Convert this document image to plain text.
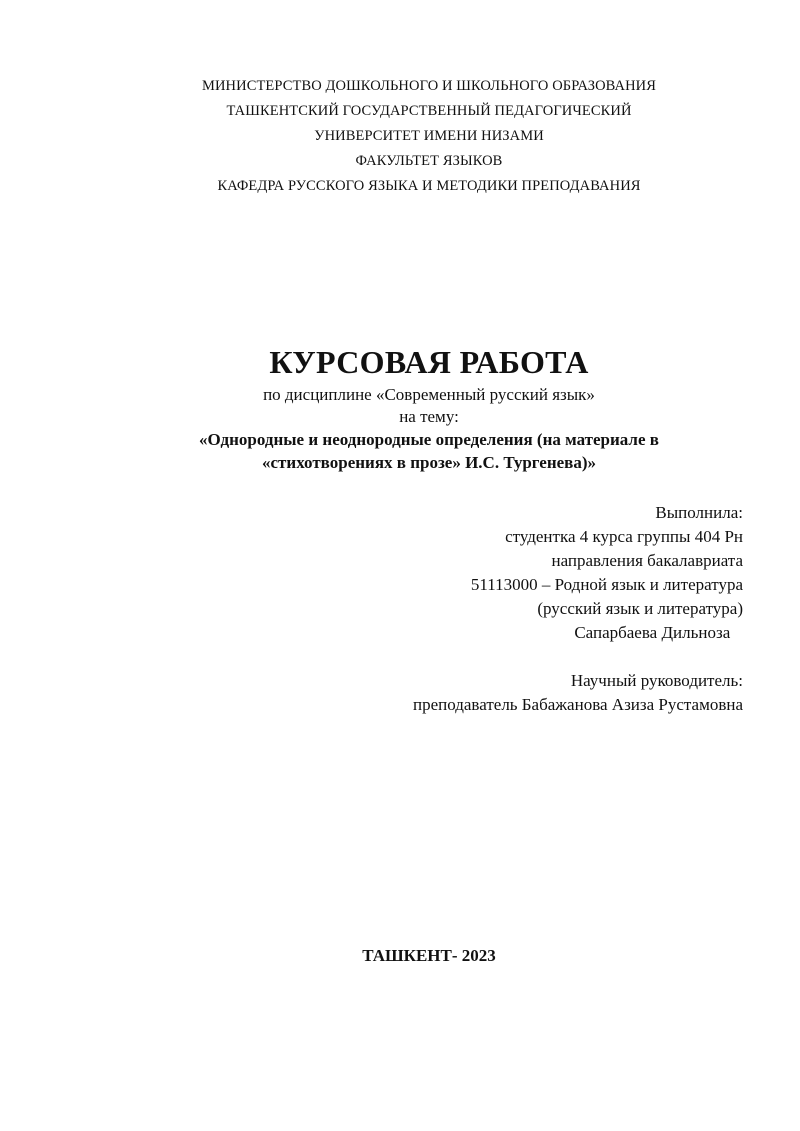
МИНИСТЕРСТВО ДОШКОЛЬНОГО И ШКОЛЬНОГО ОБРАЗОВАНИЯ
ТАШКЕНТСКИЙ ГОСУДАРСТВЕННЫЙ ПЕДАГОГИЧЕСКИЙ
УНИВЕРСИТЕТ ИМЕНИ НИЗАМИ
ФАКУЛЬТЕТ ЯЗЫКОВ
КАФЕДРА РУССКОГО ЯЗЫКА И МЕТОДИКИ ПРЕПОДАВАНИЯ
КУРСОВАЯ РАБОТА
по дисциплине «Современный русский язык»
на тему:
«Однородные и неоднородные определения (на материале в
«стихотворениях в прозе» И.С. Тургенева)»
Выполнила:
студентка 4 курса группы 404 Рн
направления бакалавриата
51113000 – Родной язык и литература
(русский язык и литература)
Сапарбаева Дильноза
Научный руководитель:
преподаватель Бабажанова Азиза Рустамовна
ТАШКЕНТ- 2023
